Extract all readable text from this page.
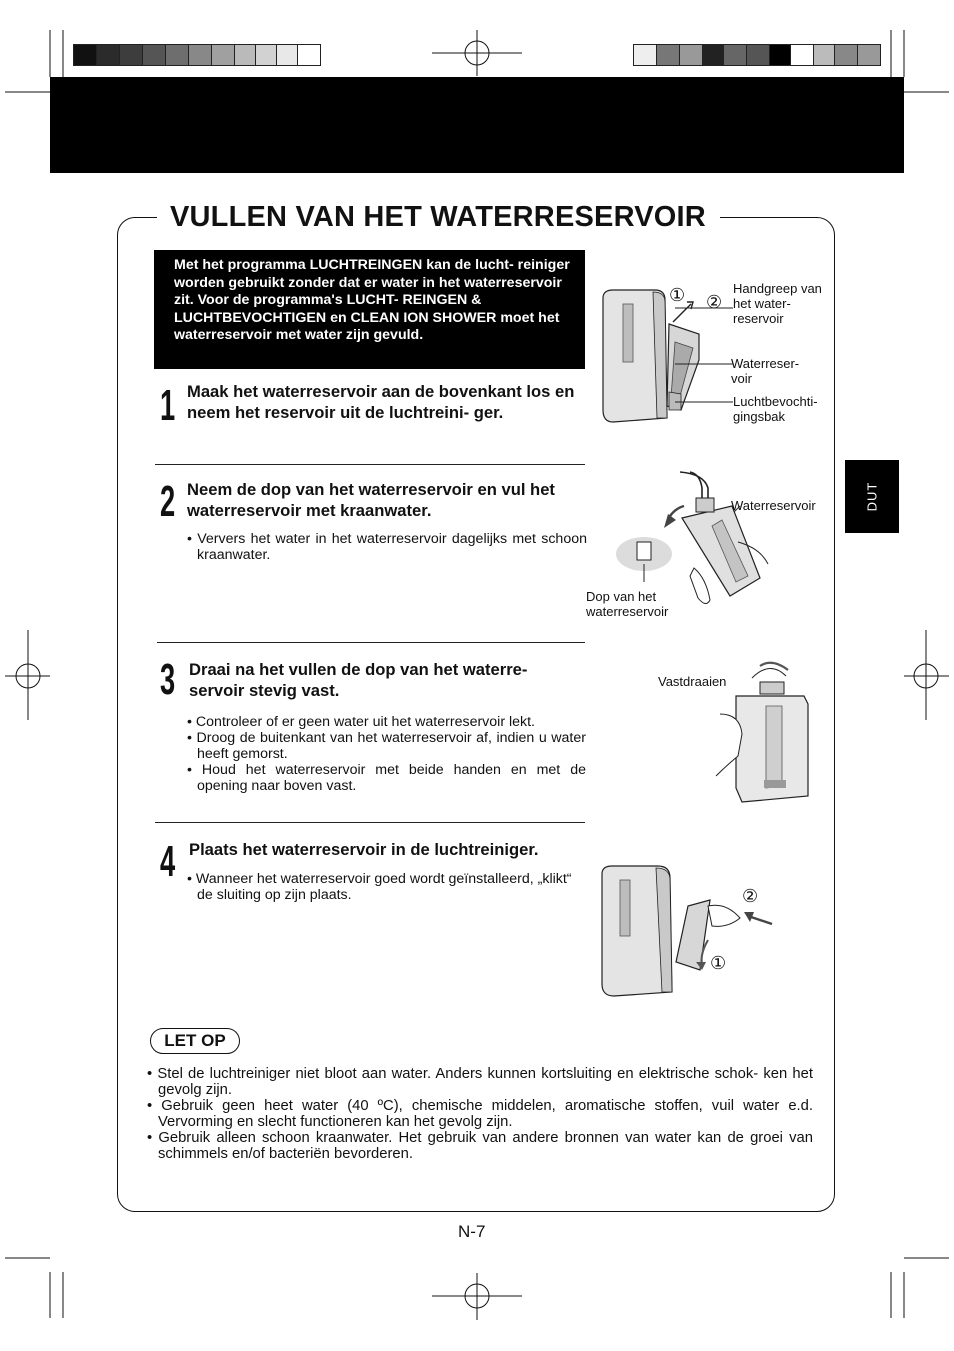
VULLEN VAN HET WATERRESERVOIR
Met het programma LUCHTREINGEN kan de lucht- reiniger worden gebruikt zonder dat er water in het waterreservoir zit. Voor de programma's LUCHT- REINGEN & LUCHTBEVOCHTIGEN en CLEAN ION SHOWER moet het waterreservoir met water zijn gevuld.
1 Maak het waterreservoir aan de bovenkant los en neem het reservoir uit de luchtreini- ger.
2 Neem de dop van het waterreservoir en vul het waterreservoir met kraanwater.
• Ververs het water in het waterreservoir dagelijks met schoon kraanwater.
3 Draai na het vullen de dop van het waterre- servoir stevig vast.
• Controleer of er geen water uit het waterreservoir lekt.
• Droog de buitenkant van het waterreservoir af, indien u water heeft gemorst.
• Houd het waterreservoir met beide handen en met de opening naar boven vast.
4 Plaats het waterreservoir in de luchtreiniger.
• Wanneer het waterreservoir goed wordt geïnstalleerd, „klikt“ de sluiting op zijn plaats.
① ②
Handgreep van het water- reservoir
Waterreser- voir
Luchtbevochti- gingsbak
Waterreservoir
Dop van het waterreservoir
Vastdraaien
②
①
DUT
LET OP
• Stel de luchtreiniger niet bloot aan water. Anders kunnen kortsluiting en elektrische schok- ken het gevolg zijn.
• Gebruik geen heet water (40 ºC), chemische middelen, aromatische stoffen, vuil water e.d. Vervorming en slecht functioneren kan het gevolg zijn.
• Gebruik alleen schoon kraanwater. Het gebruik van andere bronnen van water kan de groei van schimmels en/of bacteriën bevorderen.
N-7
